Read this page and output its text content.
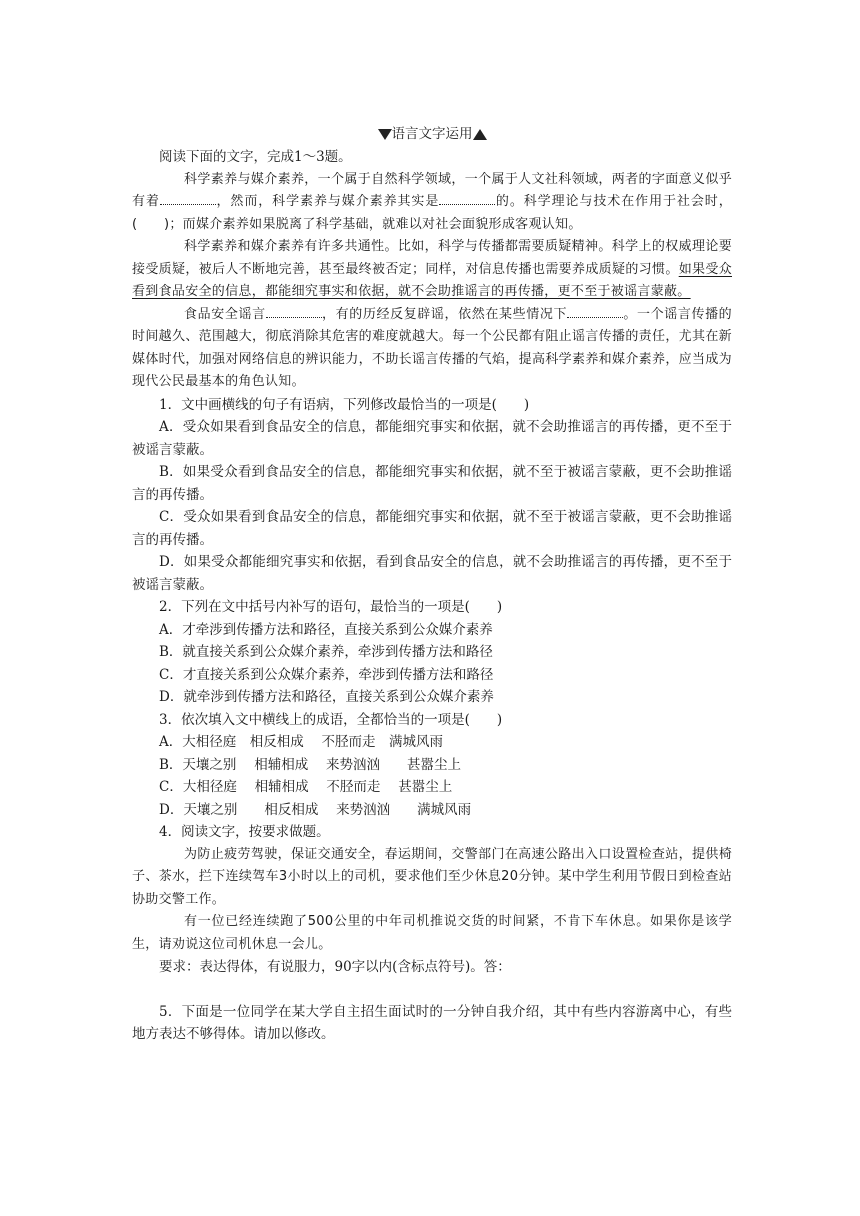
语言文字运用

阅读下面的文字，完成1～3题。

科学素养与媒介素养，一个属于自然科学领域，一个属于人文社科领域，两者的字面意义似乎有着	，然而，科学素养与媒介素养其实是	的。科学理论与技术在作用于社会时，(　　)；而媒介素养如果脱离了科学基础，就难以对社会面貌形成客观认知。

科学素养和媒介素养有许多共通性。比如，科学与传播都需要质疑精神。科学上的权威理论要接受质疑，被后人不断地完善，甚至最终被否定；同样，对信息传播也需要养成质疑的习惯。如果受众看到食品安全的信息，都能细究事实和依据，就不会助推谣言的再传播，更不至于被谣言蒙蔽。

食品安全谣言	，有的历经反复辟谣，依然在某些情况下	。一个谣言传播的时间越久、范围越大，彻底消除其危害的难度就越大。每一个公民都有阻止谣言传播的责任，尤其在新媒体时代，加强对网络信息的辨识能力，不助长谣言传播的气焰，提高科学素养和媒介素养，应当成为现代公民最基本的角色认知。

1．文中画横线的句子有语病，下列修改最恰当的一项是(　　)

A．受众如果看到食品安全的信息，都能细究事实和依据，就不会助推谣言的再传播，更不至于被谣言蒙蔽。

B．如果受众看到食品安全的信息，都能细究事实和依据，就不至于被谣言蒙蔽，更不会助推谣言的再传播。

C．受众如果看到食品安全的信息，都能细究事实和依据，就不至于被谣言蒙蔽，更不会助推谣言的再传播。

D．如果受众都能细究事实和依据，看到食品安全的信息，就不会助推谣言的再传播，更不至于被谣言蒙蔽。

2．下列在文中括号内补写的语句，最恰当的一项是(　　)

A．才牵涉到传播方法和路径，直接关系到公众媒介素养

B．就直接关系到公众媒介素养，牵涉到传播方法和路径

C．才直接关系到公众媒介素养，牵涉到传播方法和路径

D．就牵涉到传播方法和路径，直接关系到公众媒介素养

3．依次填入文中横线上的成语，全都恰当的一项是(　　)

A．大相径庭　相反相成　 不胫而走　满城风雨

B．天壤之别　 相辅相成　 来势汹汹　　甚嚣尘上

C．大相径庭　 相辅相成　 不胫而走　 甚嚣尘上

D．天壤之别　　相反相成　 来势汹汹　　满城风雨

4．阅读文字，按要求做题。

为防止疲劳驾驶，保证交通安全，春运期间，交警部门在高速公路出入口设置检查站，提供椅子、茶水，拦下连续驾车3小时以上的司机，要求他们至少休息20分钟。某中学生利用节假日到检查站协助交警工作。

有一位已经连续跑了500公里的中年司机推说交货的时间紧，不肯下车休息。如果你是该学生，请劝说这位司机休息一会儿。

要求：表达得体，有说服力，90字以内(含标点符号)。答：

5．下面是一位同学在某大学自主招生面试时的一分钟自我介绍，其中有些内容游离中心，有些地方表达不够得体。请加以修改。
